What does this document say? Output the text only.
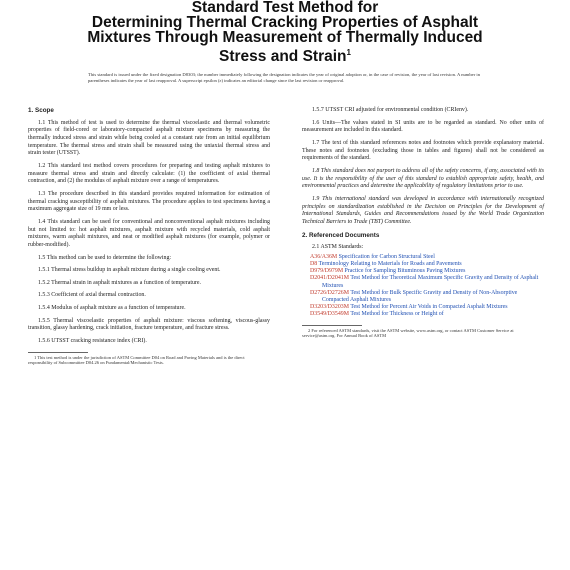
Standard Test Method for
Determining Thermal Cracking Properties of Asphalt
Mixtures Through Measurement of Thermally Induced
Stress and Strain$^1$
This standard is issued under the fixed designation D8303; the number immediately following the designation indicates the year of original adoption or, in the case of revision, the year of last revision. A number in parentheses indicates the year of last reapproval. A superscript epsilon (ε) indicates an editorial change since the last revision or reapproval.
1. Scope

1.1 This method of test is used to determine the thermal viscoelastic and thermal volumetric properties of field-cored or laboratory-compacted asphalt mixture specimens by measuring the thermally induced stress and strain while being cooled at a constant rate from an initial equilibrium temperature. The thermal stress and strain shall be measured using the uniaxial thermal stress and strain tester (UTSST).

1.2 This standard test method covers procedures for preparing and testing asphalt mixtures to measure thermal stress and strain and directly calculate: (1) the coefficient of axial thermal contraction, and (2) the modulus of asphalt mixture over a range of temperatures.

1.3 The procedure described in this standard provides required information for estimation of thermal cracking susceptibility of asphalt mixtures. The procedure applies to test specimens having a maximum aggregate size of 19 mm or less.

1.4 This standard can be used for conventional and nonconventional asphalt mixtures including but not limited to: hot asphalt mixtures, asphalt mixture with recycled materials, cold asphalt mixtures, warm asphalt mixtures, and neat or modified asphalt mixtures (for example, polymer or rubber-modified).

1.5 This method can be used to determine the following:

1.5.1 Thermal stress buildup in asphalt mixture during a single cooling event.

1.5.2 Thermal strain in asphalt mixtures as a function of temperature.

1.5.3 Coefficient of axial thermal contraction.

1.5.4 Modulus of asphalt mixture as a function of temperature.

1.5.5 Thermal viscoelastic properties of asphalt mixture: viscous softening, viscous-glassy transition, glassy hardening, crack initiation, fracture temperature, and fracture stress.

1.5.6 UTSST cracking resistance index (CRI).

1 This test method is under the jurisdiction of ASTM Committee D04 on Road and Paving Materials and is the direct responsibility of Subcommittee D04.26 on Fundamental/Mechanistic Tests.

1.5.7 UTSST CRI adjusted for environmental condition (CRIenv).

1.6 Units—The values stated in SI units are to be regarded as standard. No other units of measurement are included in this standard.

1.7 The text of this standard references notes and footnotes which provide explanatory material. These notes and footnotes (excluding those in tables and figures) shall not be considered as requirements of the standard.

1.8 This standard does not purport to address all of the safety concerns, if any, associated with its use. It is the responsibility of the user of this standard to establish appropriate safety, health, and environmental practices and determine the applicability of regulatory limitations prior to use.

1.9 This international standard was developed in accordance with internationally recognized principles on standardization established in the Decision on Principles for the Development of International Standards, Guides and Recommendations issued by the World Trade Organization Technical Barriers to Trade (TBT) Committee.

2. Referenced Documents
2.1 ASTM Standards:
A36/A36M Specification for Carbon Structural Steel
D8 Terminology Relating to Materials for Roads and Pavements
D979/D979M Practice for Sampling Bituminous Paving Mixtures
D2041/D2041M Test Method for Theoretical Maximum Specific Gravity and Density of Asphalt Mixtures
D2726/D2726M Test Method for Bulk Specific Gravity and Density of Non-Absorptive Compacted Asphalt Mixtures
D3203/D3203M Test Method for Percent Air Voids in Compacted Asphalt Mixtures
D3549/D3549M Test Method for Thickness or Height of
2 For referenced ASTM standards, visit the ASTM website, www.astm.org, or contact ASTM Customer Service at service@astm.org. For Annual Book of ASTM
